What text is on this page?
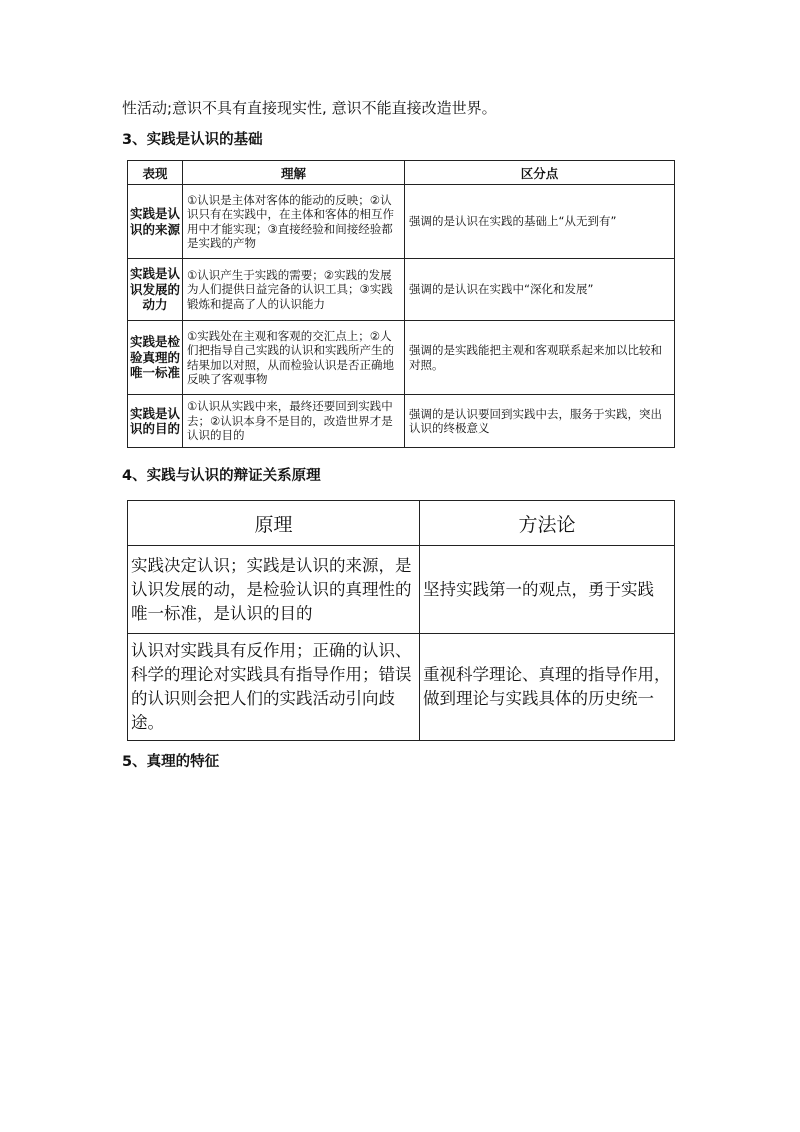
性活动;意识不具有直接现实性, 意识不能直接改造世界。
3、实践是认识的基础
表现	理解	区分点
实践是认识的来源	①认识是主体对客体的能动的反映；②认识只有在实践中，在主体和客体的相互作用中才能实现；③直接经验和间接经验都是实践的产物	强调的是认识在实践的基础上“从无到有”
实践是认识发展的动力	①认识产生于实践的需要；②实践的发展为人们提供日益完备的认识工具；③实践锻炼和提高了人的认识能力	强调的是认识在实践中“深化和发展”
实践是检验真理的唯一标准	①实践处在主观和客观的交汇点上；②人们把指导自己实践的认识和实践所产生的结果加以对照，从而检验认识是否正确地反映了客观事物	强调的是实践能把主观和客观联系起来加以比较和对照。
实践是认识的目的	①认识从实践中来，最终还要回到实践中去；②认识本身不是目的，改造世界才是认识的目的	强调的是认识要回到实践中去，服务于实践，突出认识的终极意义
4、实践与认识的辩证关系原理
原理	方法论
实践决定认识；实践是认识的来源，是认识发展的动，是检验认识的真理性的唯一标准，是认识的目的	坚持实践第一的观点，勇于实践
认识对实践具有反作用；正确的认识、科学的理论对实践具有指导作用；错误的认识则会把人们的实践活动引向歧途。	重视科学理论、真理的指导作用，做到理论与实践具体的历史统一
5、真理的特征
